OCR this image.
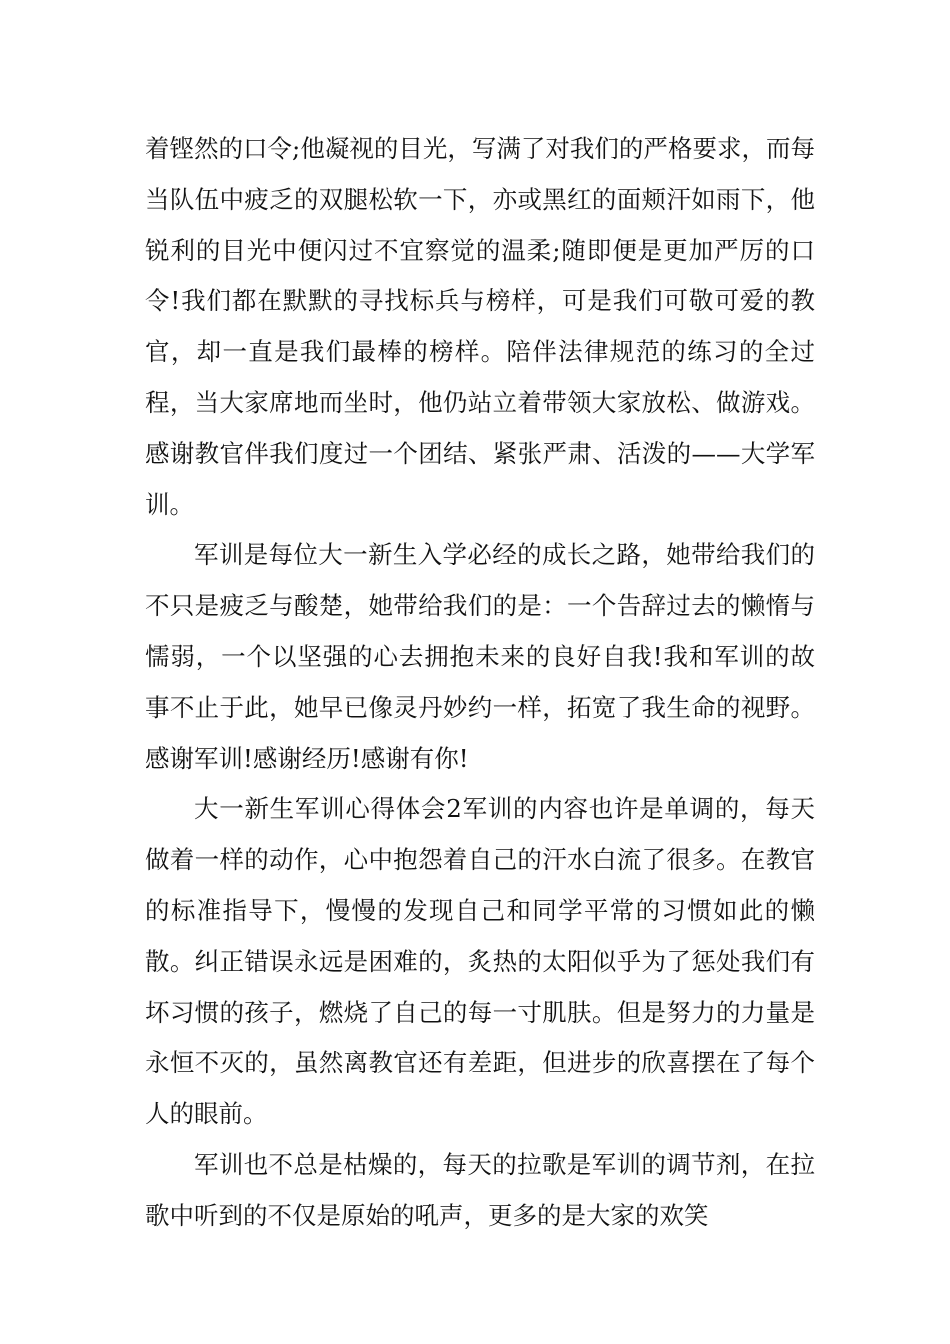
着铿然的口令;他凝视的目光，写满了对我们的严格要求，而每当队伍中疲乏的双腿松软一下，亦或黑红的面颊汗如雨下，他锐利的目光中便闪过不宜察觉的温柔;随即便是更加严厉的口令!我们都在默默的寻找标兵与榜样，可是我们可敬可爱的教官，却一直是我们最棒的榜样。陪伴法律规范的练习的全过程，当大家席地而坐时，他仍站立着带领大家放松、做游戏。感谢教官伴我们度过一个团结、紧张严肃、活泼的——大学军训。

军训是每位大一新生入学必经的成长之路，她带给我们的不只是疲乏与酸楚，她带给我们的是：一个告辞过去的懒惰与懦弱，一个以坚强的心去拥抱未来的良好自我!我和军训的故事不止于此，她早已像灵丹妙约一样，拓宽了我生命的视野。感谢军训!感谢经历!感谢有你!

大一新生军训心得体会2军训的内容也许是单调的，每天做着一样的动作，心中抱怨着自己的汗水白流了很多。在教官的标准指导下，慢慢的发现自己和同学平常的习惯如此的懒散。纠正错误永远是困难的，炙热的太阳似乎为了惩处我们有坏习惯的孩子，燃烧了自己的每一寸肌肤。但是努力的力量是永恒不灭的，虽然离教官还有差距，但进步的欣喜摆在了每个人的眼前。

军训也不总是枯燥的，每天的拉歌是军训的调节剂，在拉歌中听到的不仅是原始的吼声，更多的是大家的欢笑
